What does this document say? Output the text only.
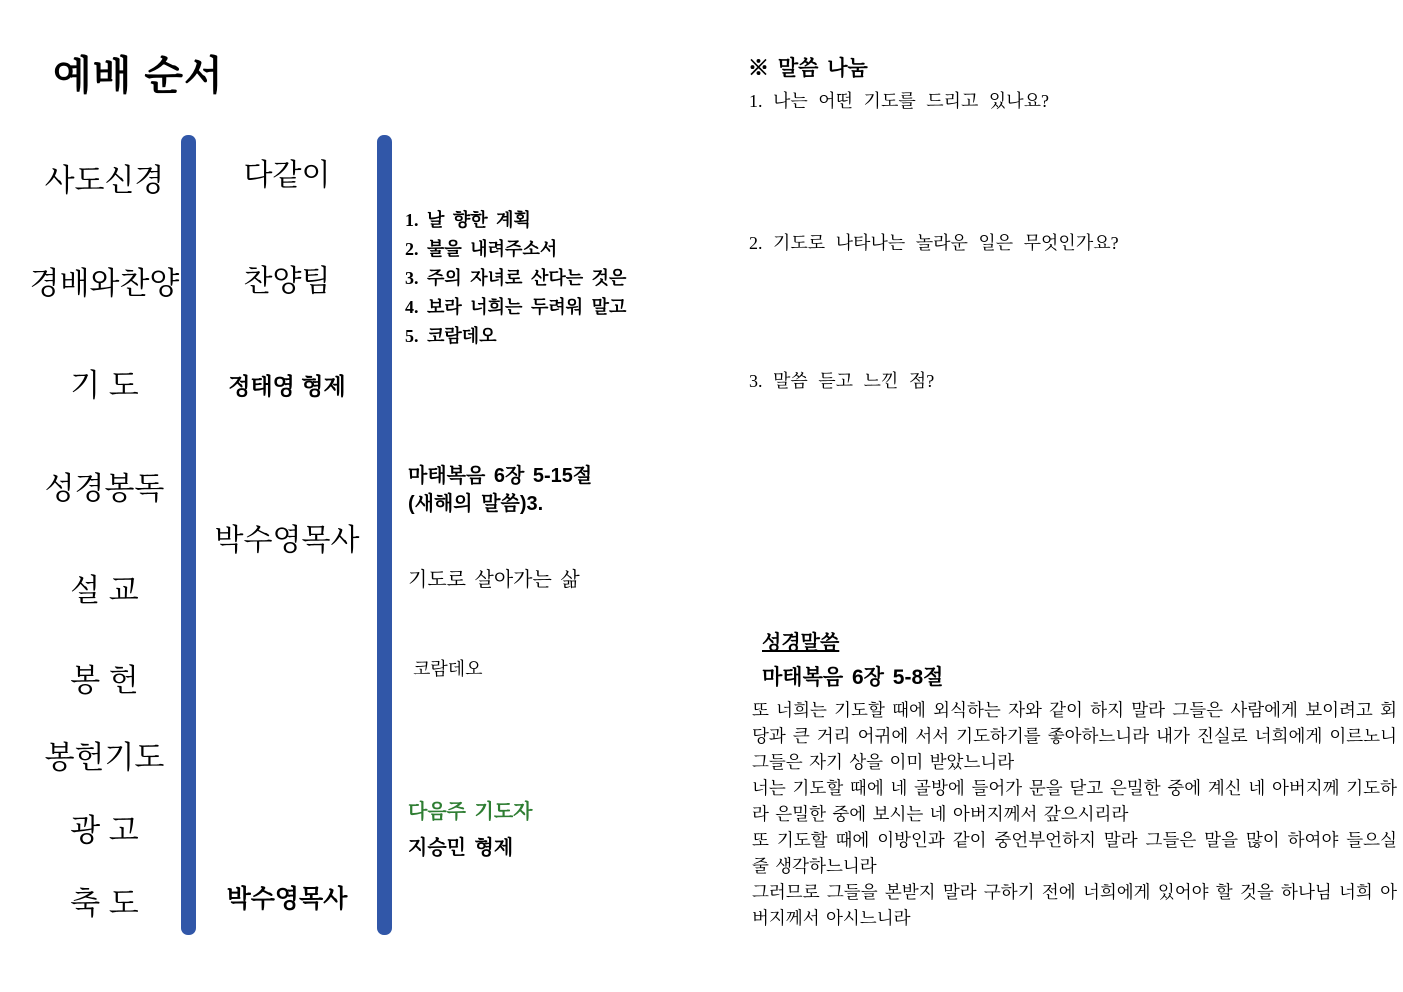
예배 순서
사도신경
경배와찬양
기 도
성경봉독
설 교
봉 헌
봉헌기도
광 고
축 도
다같이
찬양팀
정태영 형제
박수영목사
박수영목사
1. 날 향한 계획
2. 불을 내려주소서
3. 주의 자녀로 산다는 것은
4. 보라 너희는 두려워 말고
5. 코람데오
마태복음 6장 5-15절
(새해의 말씀)3.
기도로 살아가는 삶
코람데오
다음주 기도자
지승민 형제
※ 말씀 나눔
1. 나는 어떤 기도를 드리고 있나요?
2. 기도로 나타나는 놀라운 일은 무엇인가요?
3. 말씀 듣고 느낀 점?
성경말씀
마태복음 6장 5-8절

또 너희는 기도할 때에 외식하는 자와 같이 하지 말라 그들은 사람에게 보이려고 회당과 큰 거리 어귀에 서서 기도하기를 좋아하느니라 내가 진실로 너희에게 이르노니 그들은 자기 상을 이미 받았느니라

너는 기도할 때에 네 골방에 들어가 문을 닫고 은밀한 중에 계신 네 아버지께 기도하라 은밀한 중에 보시는 네 아버지께서 갚으시리라

또 기도할 때에 이방인과 같이 중언부언하지 말라 그들은 말을 많이 하여야 들으실 줄 생각하느니라

그러므로 그들을 본받지 말라 구하기 전에 너희에게 있어야 할 것을 하나님 너희 아버지께서 아시느니라
